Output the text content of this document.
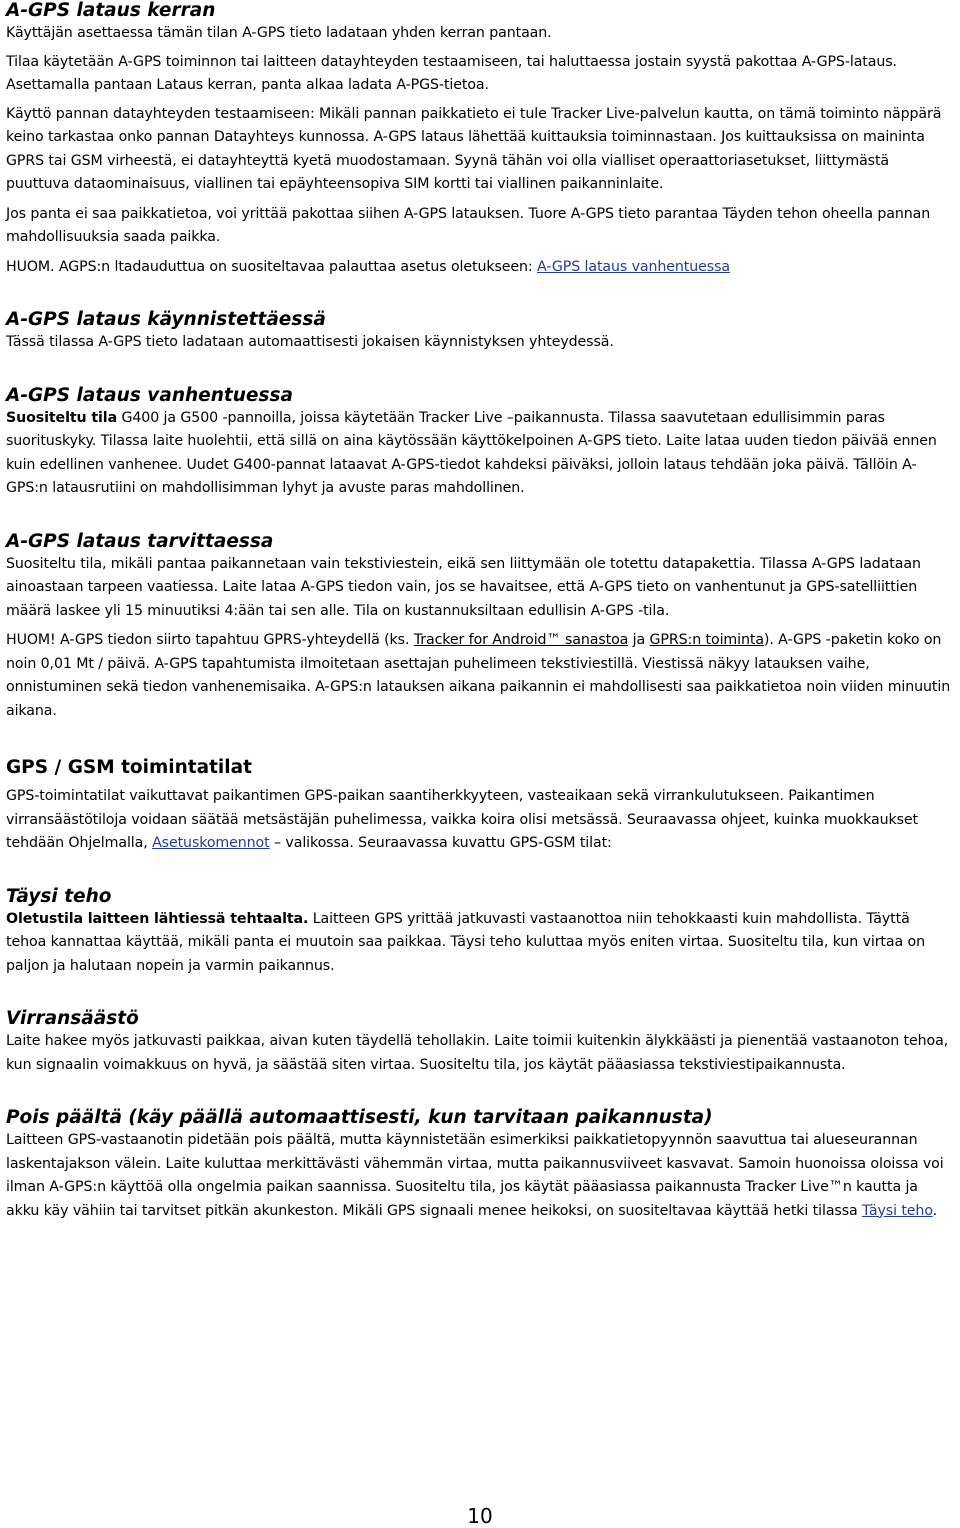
A-GPS lataus kerran

Käyttäjän asettaessa tämän tilan A-GPS tieto ladataan yhden kerran pantaan.

Tilaa käytetään A-GPS toiminnon tai laitteen datayhteyden testaamiseen, tai haluttaessa jostain syystä pakottaa A-GPS-lataus. Asettamalla pantaan Lataus kerran, panta alkaa ladata A-PGS-tietoa.

Käyttö pannan datayhteyden testaamiseen: Mikäli pannan paikkatieto ei tule Tracker Live-palvelun kautta, on tämä toiminto näppärä keino tarkastaa onko pannan Datayhteys kunnossa. A-GPS lataus lähettää kuittauksia toiminnastaan. Jos kuittauksissa on maininta GPRS tai GSM virheestä, ei datayhteyttä kyetä muodostamaan. Syynä tähän voi olla vialliset operaattoriasetukset, liittymästä puuttuva dataominaisuus, viallinen tai epäyhteensopiva SIM kortti tai viallinen paikanninlaite.

Jos panta ei saa paikkatietoa, voi yrittää pakottaa siihen A-GPS latauksen. Tuore A-GPS tieto parantaa Täyden tehon oheella pannan mahdollisuuksia saada paikka.

HUOM. AGPS:n ltadauduttua on suositeltavaa palauttaa asetus oletukseen: A-GPS lataus vanhentuessa

A-GPS lataus käynnistettäessä

Tässä tilassa A-GPS tieto ladataan automaattisesti jokaisen käynnistyksen yhteydessä.

A-GPS lataus vanhentuessa

Suositeltu tila G400 ja G500 -pannoilla, joissa käytetään Tracker Live –paikannusta. Tilassa saavutetaan edullisimmin paras suorituskyky. Tilassa laite huolehtii, että sillä on aina käytössään käyttökelpoinen A-GPS tieto. Laite lataa uuden tiedon päivää ennen kuin edellinen vanhenee. Uudet G400-pannat lataavat A-GPS-tiedot kahdeksi päiväksi, jolloin lataus tehdään joka päivä. Tällöin A-GPS:n latausrutiini on mahdollisimman lyhyt ja avuste paras mahdollinen.

A-GPS lataus tarvittaessa

Suositeltu tila, mikäli pantaa paikannetaan vain tekstiviestein, eikä sen liittymään ole totettu datapakettia. Tilassa A-GPS ladataan ainoastaan tarpeen vaatiessa. Laite lataa A-GPS tiedon vain, jos se havaitsee, että A-GPS tieto on vanhentunut ja GPS-satelliittien määrä laskee yli 15 minuutiksi 4:ään tai sen alle. Tila on kustannuksiltaan edullisin A-GPS -tila.

HUOM! A-GPS tiedon siirto tapahtuu GPRS-yhteydellä (ks. Tracker for Android™ sanastoa ja GPRS:n toiminta). A-GPS -paketin koko on noin 0,01 Mt / päivä. A-GPS tapahtumista ilmoitetaan asettajan puhelimeen tekstiviestillä. Viestissä näkyy latauksen vaihe, onnistuminen sekä tiedon vanhenemisaika. A-GPS:n latauksen aikana paikannin ei mahdollisesti saa paikkatietoa noin viiden minuutin aikana.

GPS / GSM toimintatilat

GPS-toimintatilat vaikuttavat paikantimen GPS-paikan saantiherkkyyteen, vasteaikaan sekä virrankulutukseen. Paikantimen virransäästötiloja voidaan säätää metsästäjän puhelimessa, vaikka koira olisi metsässä. Seuraavassa ohjeet, kuinka muokkaukset tehdään Ohjelmalla, Asetuskomennot – valikossa. Seuraavassa kuvattu GPS-GSM tilat:

Täysi teho

Oletustila laitteen lähtiessä tehtaalta. Laitteen GPS yrittää jatkuvasti vastaanottoa niin tehokkaasti kuin mahdollista. Täyttä tehoa kannattaa käyttää, mikäli panta ei muutoin saa paikkaa. Täysi teho kuluttaa myös eniten virtaa. Suositeltu tila, kun virtaa on paljon ja halutaan nopein ja varmin paikannus.

Virransäästö

Laite hakee myös jatkuvasti paikkaa, aivan kuten täydellä tehollakin. Laite toimii kuitenkin älykkäästi ja pienentää vastaanoton tehoa, kun signaalin voimakkuus on hyvä, ja säästää siten virtaa. Suositeltu tila, jos käytät pääasiassa tekstiviestipaikannusta.

Pois päältä (käy päällä automaattisesti, kun tarvitaan paikannusta)

Laitteen GPS-vastaanotin pidetään pois päältä, mutta käynnistetään esimerkiksi paikkatietopyynnön saavuttua tai alueseurannan laskentajakson välein. Laite kuluttaa merkittävästi vähemmän virtaa, mutta paikannusviiveet kasvavat. Samoin huonoissa oloissa voi ilman A-GPS:n käyttöä olla ongelmia paikan saannissa. Suositeltu tila, jos käytät pääasiassa paikannusta Tracker Live™n kautta ja akku käy vähiin tai tarvitset pitkän akunkeston. Mikäli GPS signaali menee heikoksi, on suositeltavaa käyttää hetki tilassa Täysi teho.

10
